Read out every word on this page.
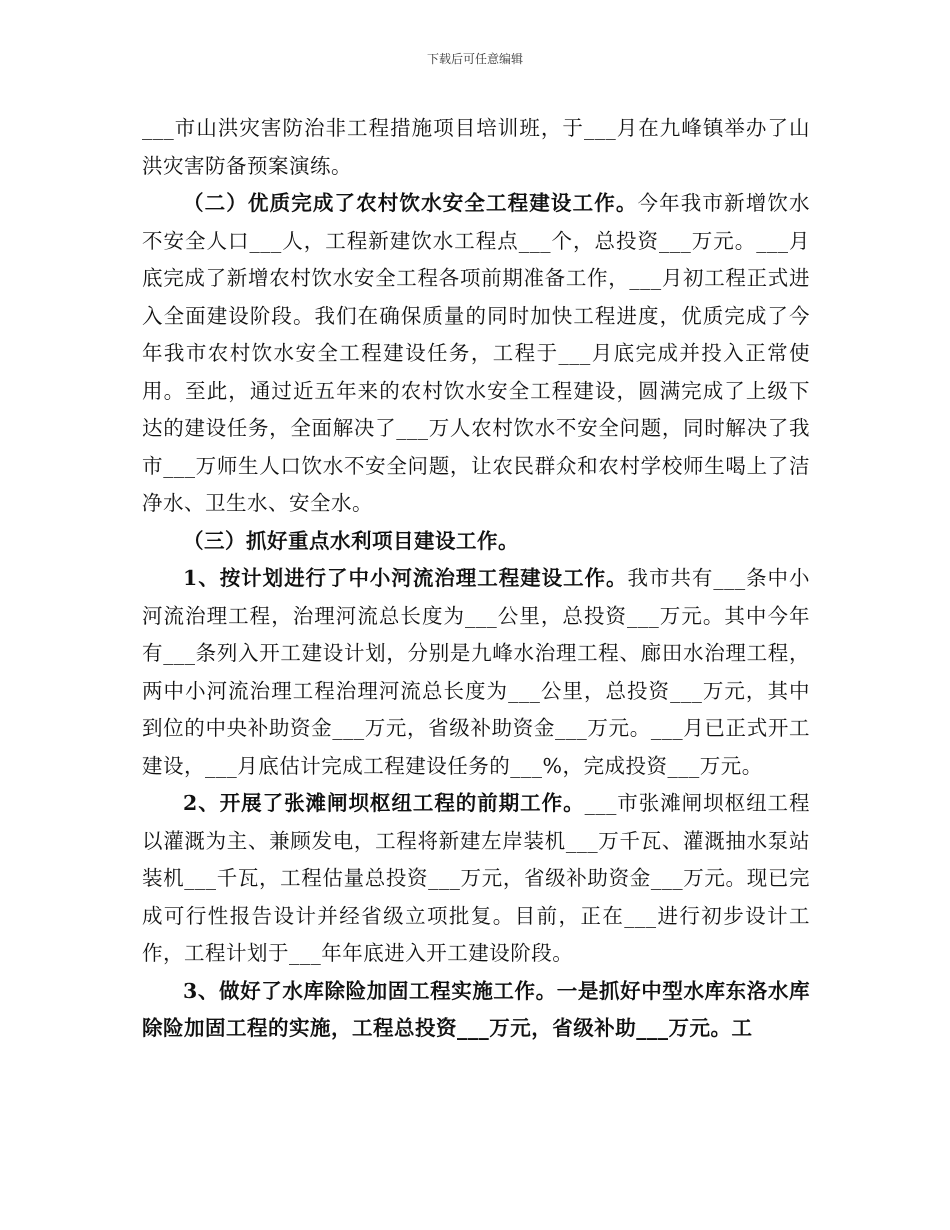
下载后可任意编辑

___市山洪灾害防治非工程措施项目培训班，于___月在九峰镇举办了山洪灾害防备预案演练。

（二）优质完成了农村饮水安全工程建设工作。今年我市新增饮水不安全人口___人，工程新建饮水工程点___个，总投资___万元。___月底完成了新增农村饮水安全工程各项前期准备工作，___月初工程正式进入全面建设阶段。我们在确保质量的同时加快工程进度，优质完成了今年我市农村饮水安全工程建设任务，工程于___月底完成并投入正常使用。至此，通过近五年来的农村饮水安全工程建设，圆满完成了上级下达的建设任务，全面解决了___万人农村饮水不安全问题，同时解决了我市___万师生人口饮水不安全问题，让农民群众和农村学校师生喝上了洁净水、卫生水、安全水。

（三）抓好重点水利项目建设工作。

1、按计划进行了中小河流治理工程建设工作。我市共有___条中小河流治理工程，治理河流总长度为___公里，总投资___万元。其中今年有___条列入开工建设计划，分别是九峰水治理工程、廊田水治理工程，两中小河流治理工程治理河流总长度为___公里，总投资___万元，其中到位的中央补助资金___万元，省级补助资金___万元。___月已正式开工建设，___月底估计完成工程建设任务的___%，完成投资___万元。

2、开展了张滩闸坝枢纽工程的前期工作。___市张滩闸坝枢纽工程以灌溉为主、兼顾发电，工程将新建左岸装机___万千瓦、灌溉抽水泵站装机___千瓦，工程估量总投资___万元，省级补助资金___万元。现已完成可行性报告设计并经省级立项批复。目前，正在___进行初步设计工作，工程计划于___年年底进入开工建设阶段。

3、做好了水库除险加固工程实施工作。一是抓好中型水库东洛水库除险加固工程的实施，工程总投资___万元，省级补助___万元。工
